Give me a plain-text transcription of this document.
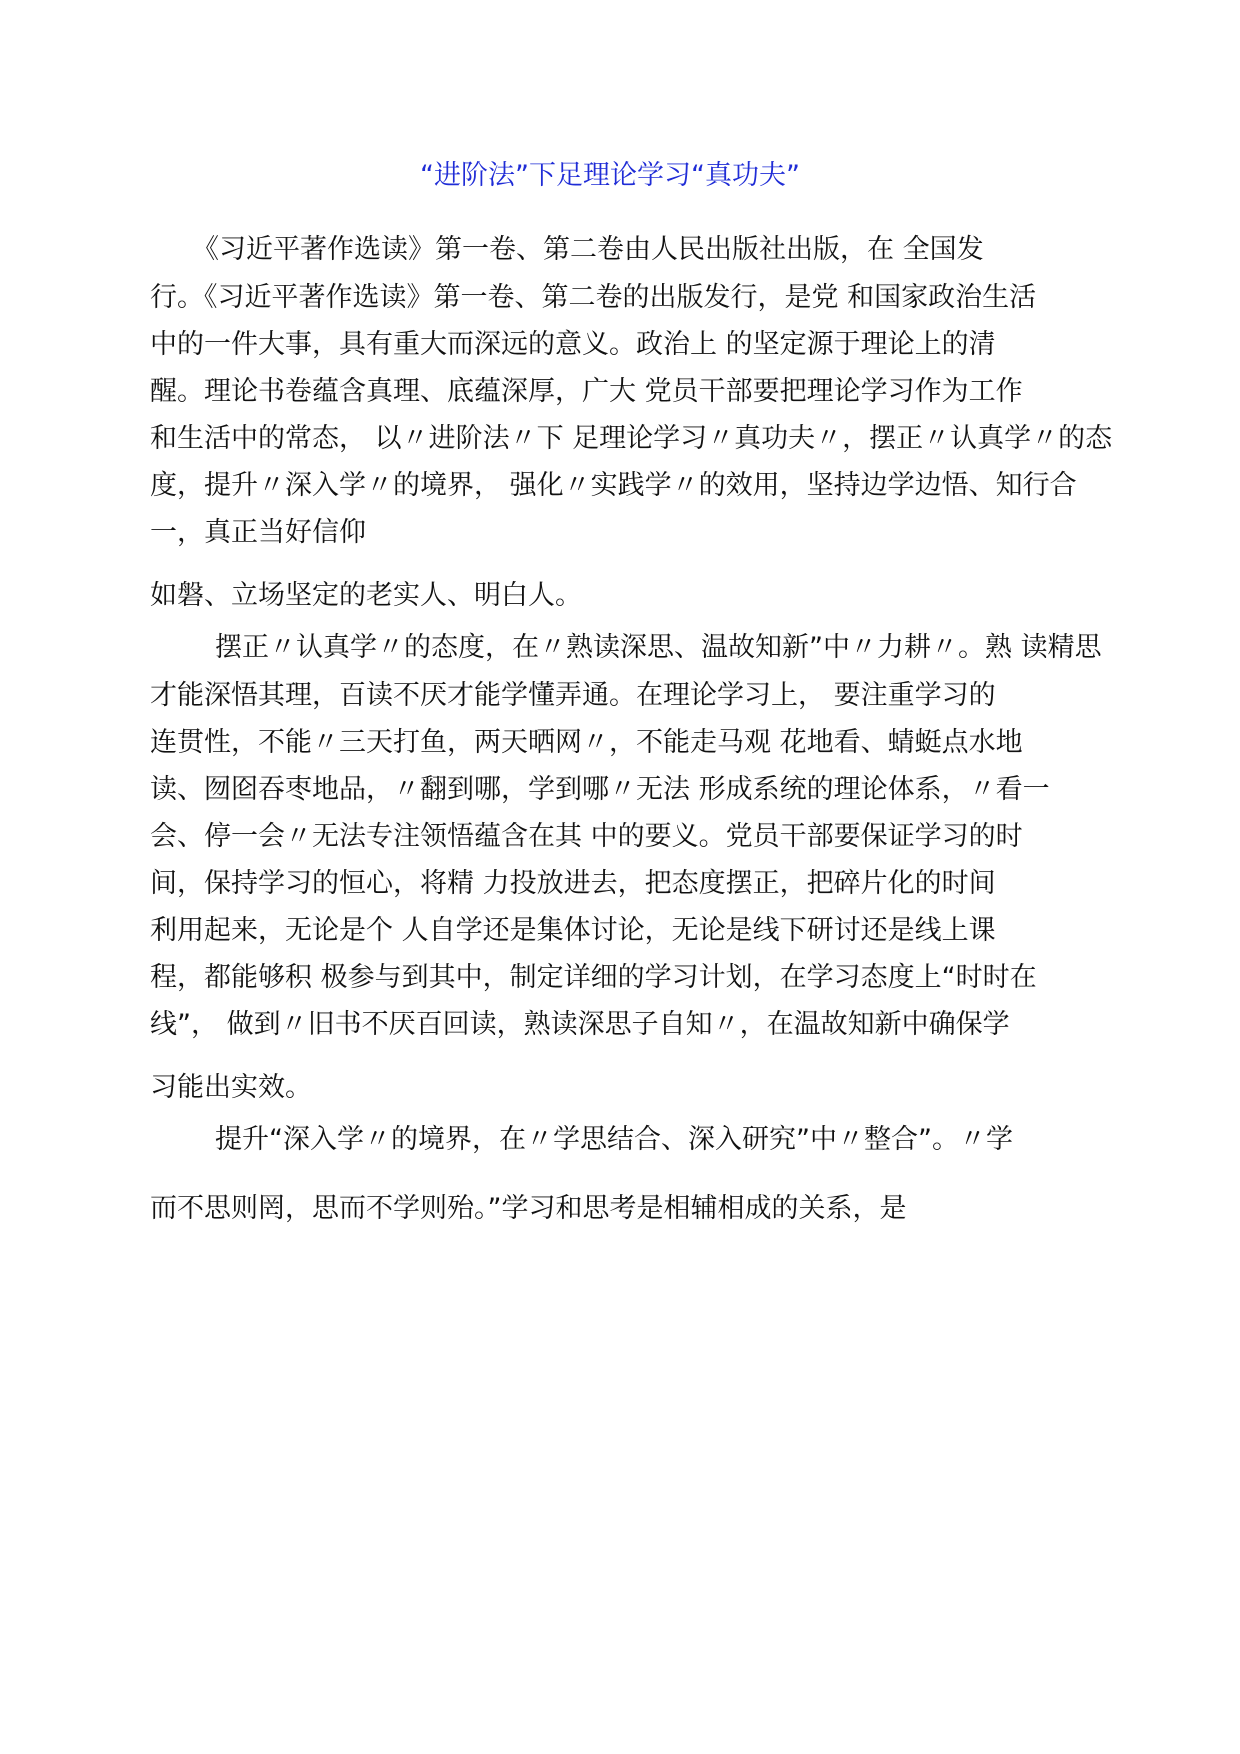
“进阶法”下足理论学习“真功夫”

《习近平著作选读》第一卷、第二卷由人民出版社出版，在 全国发

行。《习近平著作选读》第一卷、第二卷的出版发行，是党 和国家政治生活

中的一件大事，具有重大而深远的意义。政治上 的坚定源于理论上的清

醒。理论书卷蕴含真理、底蕴深厚，广大 党员干部要把理论学习作为工作

和生活中的常态， 以〃进阶法〃下 足理论学习〃真功夫〃，摆正〃认真学〃的态

度，提升〃深入学〃的境界， 强化〃实践学〃的效用，坚持边学边悟、知行合

一，真正当好信仰

如磐、立场坚定的老实人、明白人。

摆正〃认真学〃的态度，在〃熟读深思、温故知新”中〃力耕〃。熟 读精思

才能深悟其理，百读不厌才能学懂弄通。在理论学习上， 要注重学习的

连贯性，不能〃三天打鱼，两天晒网〃，不能走马观 花地看、蜻蜓点水地

读、囫囵吞枣地品，〃翻到哪，学到哪〃无法 形成系统的理论体系，〃看一

会、停一会〃无法专注领悟蕴含在其 中的要义。党员干部要保证学习的时

间，保持学习的恒心，将精 力投放进去，把态度摆正，把碎片化的时间

利用起来，无论是个 人自学还是集体讨论，无论是线下研讨还是线上课

程，都能够积 极参与到其中，制定详细的学习计划，在学习态度上“时时在

线”， 做到〃旧书不厌百回读，熟读深思子自知〃，在温故知新中确保学

习能出实效。

提升“深入学〃的境界，在〃学思结合、深入研究”中〃整合”。〃学

而不思则罔，思而不学则殆。”学习和思考是相辅相成的关系，是
